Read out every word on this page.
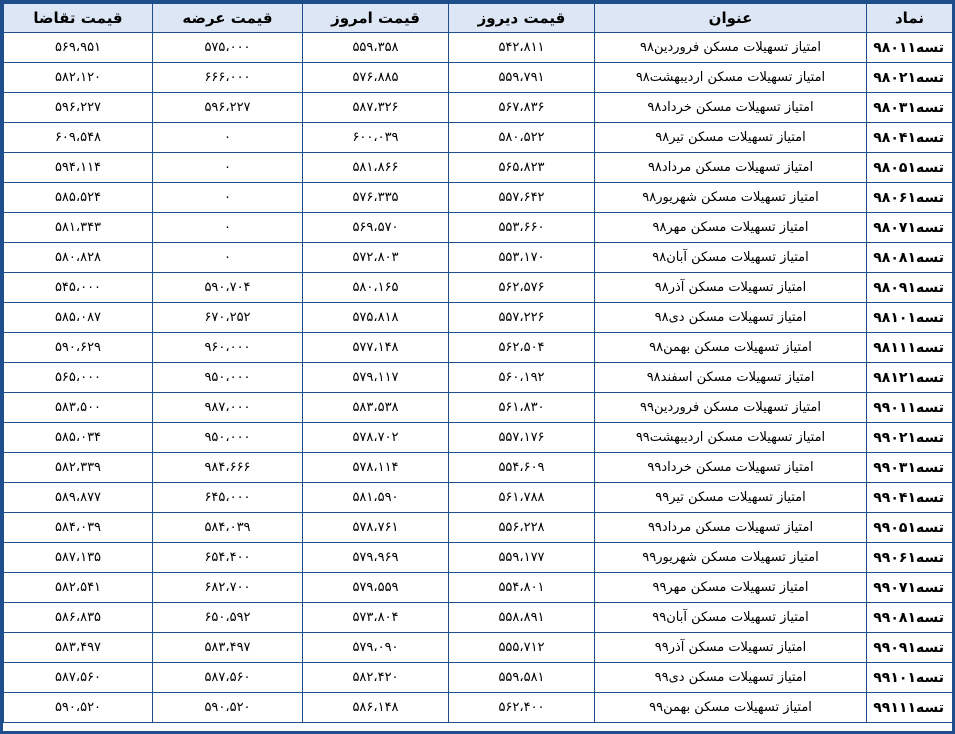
نماد	عنوان	قیمت دیروز	قیمت امروز	قیمت عرضه	قیمت تقاضا
تسه۹۸۰۱۱	امتیاز تسهیلات مسکن فروردین۹۸	۵۴۲،۸۱۱	۵۵۹،۳۵۸	۵۷۵،۰۰۰	۵۶۹،۹۵۱
تسه۹۸۰۲۱	امتیاز تسهیلات مسکن اردیبهشت۹۸	۵۵۹،۷۹۱	۵۷۶،۸۸۵	۶۶۶،۰۰۰	۵۸۲،۱۲۰
تسه۹۸۰۳۱	امتیاز تسهیلات مسکن خرداد۹۸	۵۶۷،۸۳۶	۵۸۷،۳۲۶	۵۹۶،۲۲۷	۵۹۶،۲۲۷
تسه۹۸۰۴۱	امتیاز تسهیلات مسکن تیر۹۸	۵۸۰،۵۲۲	۶۰۰،۰۳۹	۰	۶۰۹،۵۴۸
تسه۹۸۰۵۱	امتیاز تسهیلات مسکن مرداد۹۸	۵۶۵،۸۲۳	۵۸۱،۸۶۶	۰	۵۹۴،۱۱۴
تسه۹۸۰۶۱	امتیاز تسهیلات مسکن شهریور۹۸	۵۵۷،۶۴۲	۵۷۶،۳۳۵	۰	۵۸۵،۵۲۴
تسه۹۸۰۷۱	امتیاز تسهیلات مسکن مهر۹۸	۵۵۳،۶۶۰	۵۶۹،۵۷۰	۰	۵۸۱،۳۴۳
تسه۹۸۰۸۱	امتیاز تسهیلات مسکن آبان۹۸	۵۵۳،۱۷۰	۵۷۲،۸۰۳	۰	۵۸۰،۸۲۸
تسه۹۸۰۹۱	امتیاز تسهیلات مسکن آذر۹۸	۵۶۲،۵۷۶	۵۸۰،۱۶۵	۵۹۰،۷۰۴	۵۴۵،۰۰۰
تسه۹۸۱۰۱	امتیاز تسهیلات مسکن دی۹۸	۵۵۷،۲۲۶	۵۷۵،۸۱۸	۶۷۰،۲۵۲	۵۸۵،۰۸۷
تسه۹۸۱۱۱	امتیاز تسهیلات مسکن بهمن۹۸	۵۶۲،۵۰۴	۵۷۷،۱۴۸	۹۶۰،۰۰۰	۵۹۰،۶۲۹
تسه۹۸۱۲۱	امتیاز تسهیلات مسکن اسفند۹۸	۵۶۰،۱۹۲	۵۷۹،۱۱۷	۹۵۰،۰۰۰	۵۶۵،۰۰۰
تسه۹۹۰۱۱	امتیاز تسهیلات مسکن فروردین۹۹	۵۶۱،۸۳۰	۵۸۳،۵۳۸	۹۸۷،۰۰۰	۵۸۳،۵۰۰
تسه۹۹۰۲۱	امتیاز تسهیلات مسکن اردیبهشت۹۹	۵۵۷،۱۷۶	۵۷۸،۷۰۲	۹۵۰،۰۰۰	۵۸۵،۰۳۴
تسه۹۹۰۳۱	امتیاز تسهیلات مسکن خرداد۹۹	۵۵۴،۶۰۹	۵۷۸،۱۱۴	۹۸۴،۶۶۶	۵۸۲،۳۳۹
تسه۹۹۰۴۱	امتیاز تسهیلات مسکن تیر۹۹	۵۶۱،۷۸۸	۵۸۱،۵۹۰	۶۴۵،۰۰۰	۵۸۹،۸۷۷
تسه۹۹۰۵۱	امتیاز تسهیلات مسکن مرداد۹۹	۵۵۶،۲۲۸	۵۷۸،۷۶۱	۵۸۴،۰۳۹	۵۸۴،۰۳۹
تسه۹۹۰۶۱	امتیاز تسهیلات مسکن شهریور۹۹	۵۵۹،۱۷۷	۵۷۹،۹۶۹	۶۵۴،۴۰۰	۵۸۷،۱۳۵
تسه۹۹۰۷۱	امتیاز تسهیلات مسکن مهر۹۹	۵۵۴،۸۰۱	۵۷۹،۵۵۹	۶۸۲،۷۰۰	۵۸۲،۵۴۱
تسه۹۹۰۸۱	امتیاز تسهیلات مسکن آبان۹۹	۵۵۸،۸۹۱	۵۷۳،۸۰۴	۶۵۰،۵۹۲	۵۸۶،۸۳۵
تسه۹۹۰۹۱	امتیاز تسهیلات مسکن آذر۹۹	۵۵۵،۷۱۲	۵۷۹،۰۹۰	۵۸۳،۴۹۷	۵۸۳،۴۹۷
تسه۹۹۱۰۱	امتیاز تسهیلات مسکن دی۹۹	۵۵۹،۵۸۱	۵۸۲،۴۲۰	۵۸۷،۵۶۰	۵۸۷،۵۶۰
تسه۹۹۱۱۱	امتیاز تسهیلات مسکن بهمن۹۹	۵۶۲،۴۰۰	۵۸۶،۱۴۸	۵۹۰،۵۲۰	۵۹۰،۵۲۰
